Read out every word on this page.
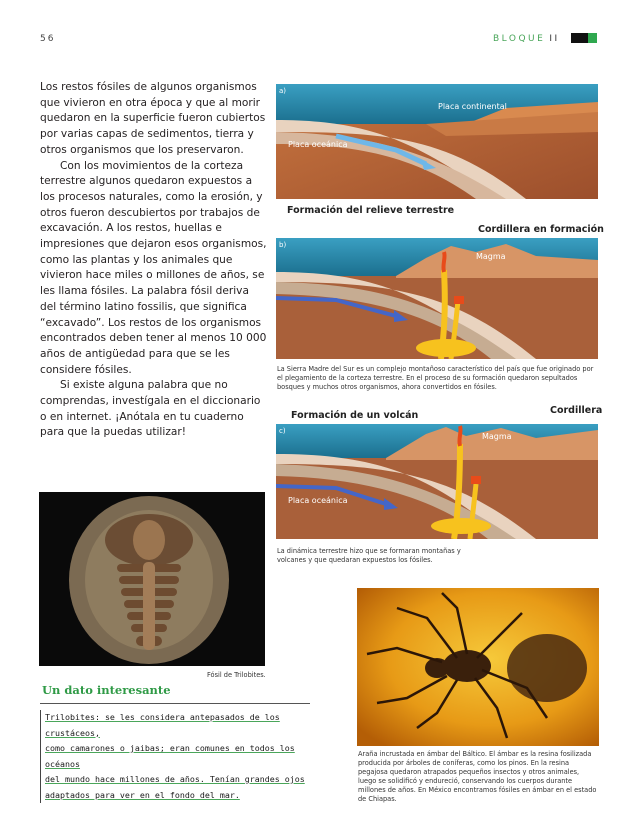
56	BLOQUE II

Los restos fósiles de algunos organismos que vivieron en otra época y que al morir quedaron en la superficie fueron cubiertos por varias capas de sedimentos, tierra y otros organismos que los preservaron.

Con los movimientos de la corteza terrestre algunos quedaron expuestos a los procesos naturales, como la erosión, y otros fueron descubiertos por trabajos de excavación. A los restos, huellas e impresiones que dejaron esos organismos, como las plantas y los animales que vivieron hace miles o millones de años, se les llama fósiles. La palabra fósil deriva del término latino fossilis, que significa “excavado”. Los restos de los organismos encontrados deben tener al menos 10 000 años de antigüedad para que se les considere fósiles.

Si existe alguna palabra que no comprendas, investígala en el diccionario o en internet. ¡Anótala en tu cuaderno para que la puedas utilizar!

a)
Placa continental
Placa oceánica
Formación del relieve terrestre
Cordillera en formación
b)
Magma
La Sierra Madre del Sur es un complejo montañoso característico del país que fue originado por el plegamiento de la corteza terrestre. En el proceso de su formación quedaron sepultados bosques y muchos otros organismos, ahora convertidos en fósiles.
Formación de un volcán	Cordillera
c)
Magma
Placa oceánica
La dinámica terrestre hizo que se formaran montañas y volcanes y que quedaran expuestos los fósiles.
Fósil de Trilobites.
Araña incrustada en ámbar del Báltico. El ámbar es la resina fosilizada producida por árboles de coníferas, como los pinos. En la resina pegajosa quedaron atrapados pequeños insectos y otros animales, luego se solidificó y endureció, conservando los cuerpos durante millones de años. En México encontramos fósiles en ámbar en el estado de Chiapas.
Un dato interesante
Trilobites: se les considera antepasados de los crustáceos,
como camarones o jaibas; eran comunes en todos los océanos
del mundo hace millones de años. Tenían grandes ojos
adaptados para ver en el fondo del mar.
